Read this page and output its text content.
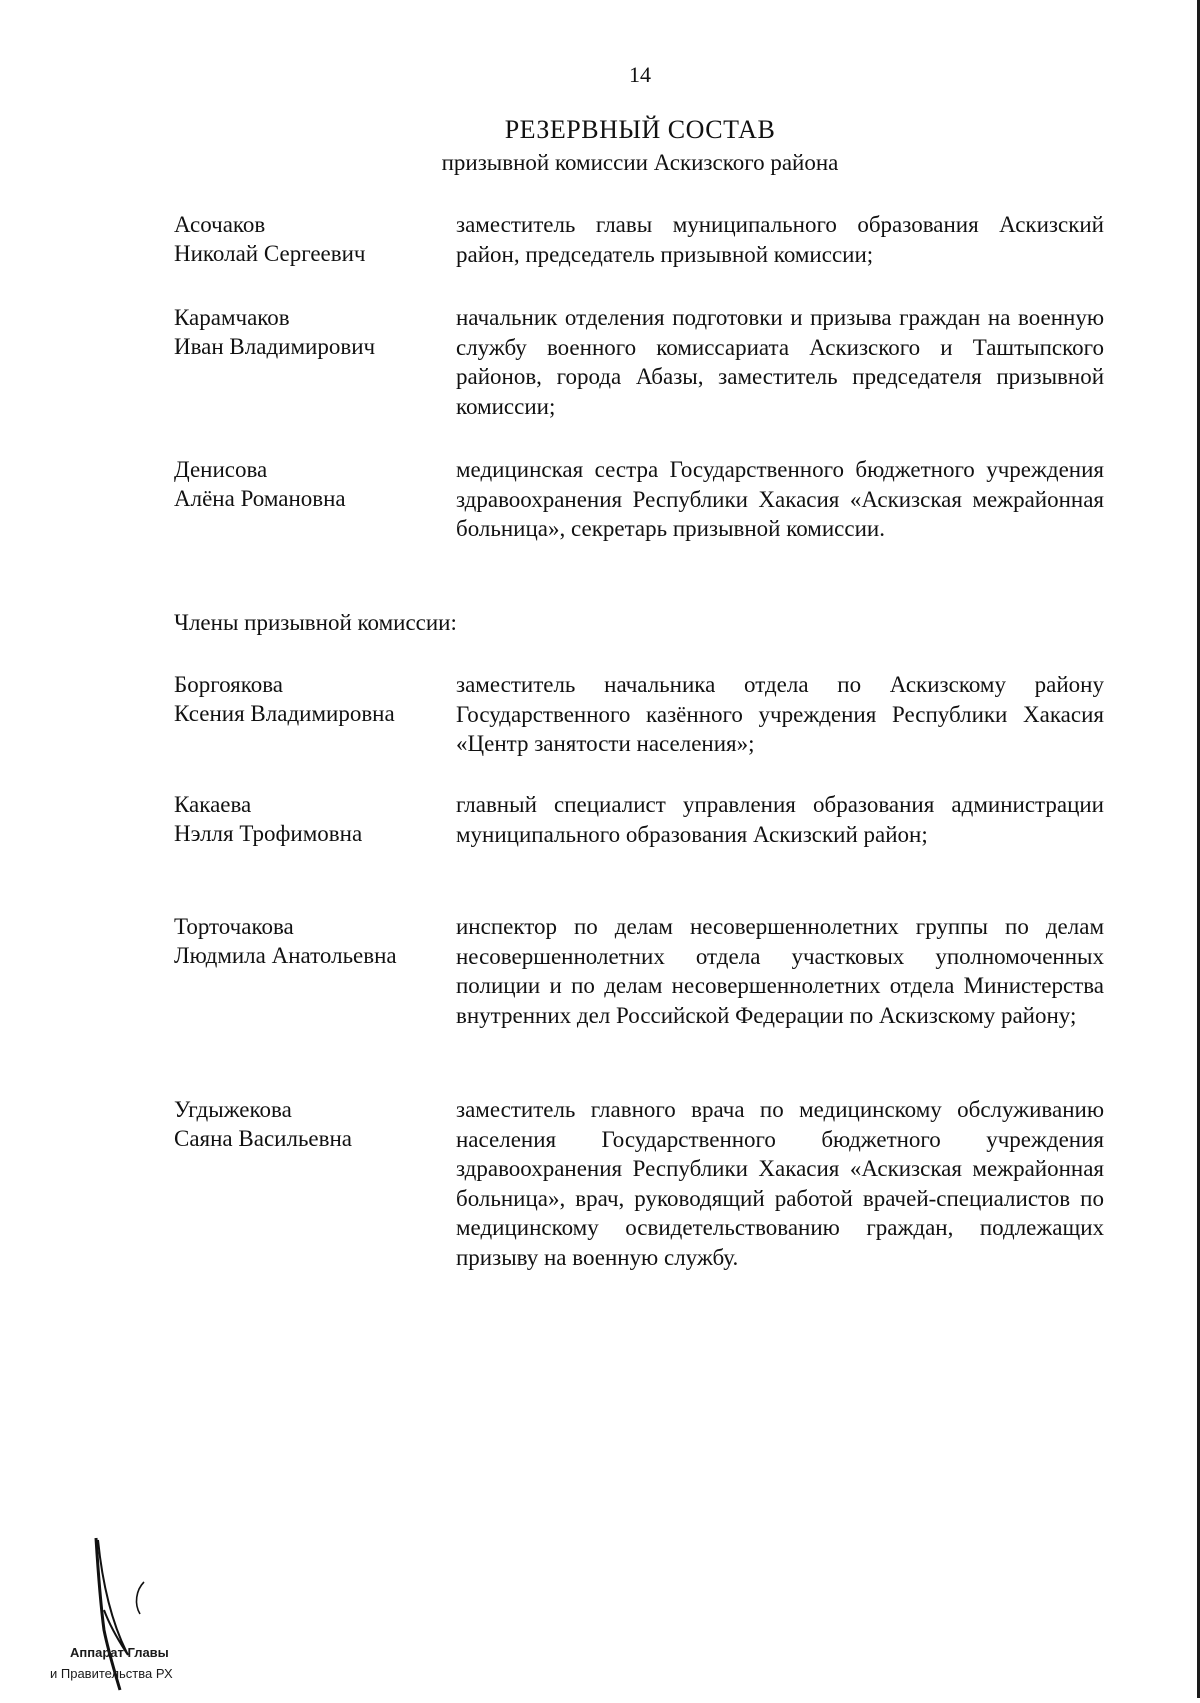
14
РЕЗЕРВНЫЙ СОСТАВ
призывной комиссии Аскизского района
Асочаков
Николай Сергеевич
заместитель главы муниципального образования Аскизский район, председатель призывной комиссии;
Карамчаков
Иван Владимирович
начальник отделения подготовки и призыва граждан на военную службу военного комиссариата Аскизского и Таштыпского районов, города Абазы, заместитель председателя призывной комиссии;
Денисова
Алёна Романовна
медицинская сестра Государственного бюджетного учреждения здравоохранения Республики Хакасия «Аскизская межрайонная больница», секретарь призывной комиссии.
Члены призывной комиссии:
Боргоякова
Ксения Владимировна
заместитель начальника отдела по Аскизскому району Государственного казённого учреждения Республики Хакасия «Центр занятости населения»;
Какаева
Нэлля Трофимовна
главный специалист управления образования администрации муниципального образования Аскизский район;
Торточакова
Людмила Анатольевна
инспектор по делам несовершеннолетних группы по делам несовершеннолетних отдела участковых уполномоченных полиции и по делам несовершеннолетних отдела Министерства внутренних дел Российской Федерации по Аскизскому району;
Угдыжекова
Саяна Васильевна
заместитель главного врача по медицинскому обслуживанию населения Государственного бюджетного учреждения здравоохранения Республики Хакасия «Аскизская межрайонная больница», врач, руководящий работой врачей-специалистов по медицинскому освидетельствованию граждан, подлежащих призыву на военную службу.
Аппарат Главы
и Правительства РХ
